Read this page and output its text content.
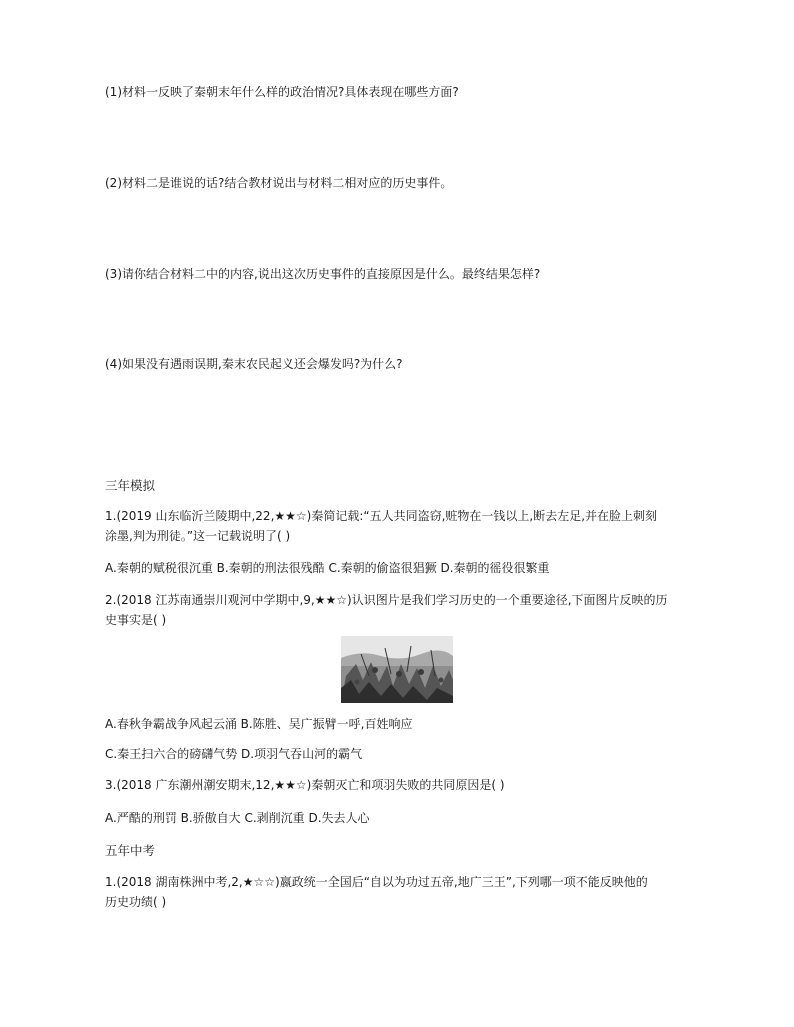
(1)材料一反映了秦朝末年什么样的政治情况?具体表现在哪些方面?
(2)材料二是谁说的话?结合教材说出与材料二相对应的历史事件。
(3)请你结合材料二中的内容,说出这次历史事件的直接原因是什么。最终结果怎样?
(4)如果没有遇雨误期,秦末农民起义还会爆发吗?为什么?
三年模拟
1.(2019 山东临沂兰陵期中,22,★★☆)秦简记载:“五人共同盗窃,赃物在一钱以上,断去左足,并在脸上刺刻
涂墨,判为刑徒。”这一记载说明了( )
A.秦朝的赋税很沉重 B.秦朝的刑法很残酷 C.秦朝的偷盗很猖獗 D.秦朝的徭役很繁重
2.(2018 江苏南通崇川观河中学期中,9,★★☆)认识图片是我们学习历史的一个重要途径,下面图片反映的历
史事实是( )
A.春秋争霸战争风起云涌 B.陈胜、吴广振臂一呼,百姓响应
C.秦王扫六合的磅礴气势 D.项羽气吞山河的霸气
3.(2018 广东潮州潮安期末,12,★★☆)秦朝灭亡和项羽失败的共同原因是( )
A.严酷的刑罚 B.骄傲自大 C.剥削沉重 D.失去人心
五年中考
1.(2018 湖南株洲中考,2,★☆☆)嬴政统一全国后“自以为功过五帝,地广三王”,下列哪一项不能反映他的
历史功绩( )
